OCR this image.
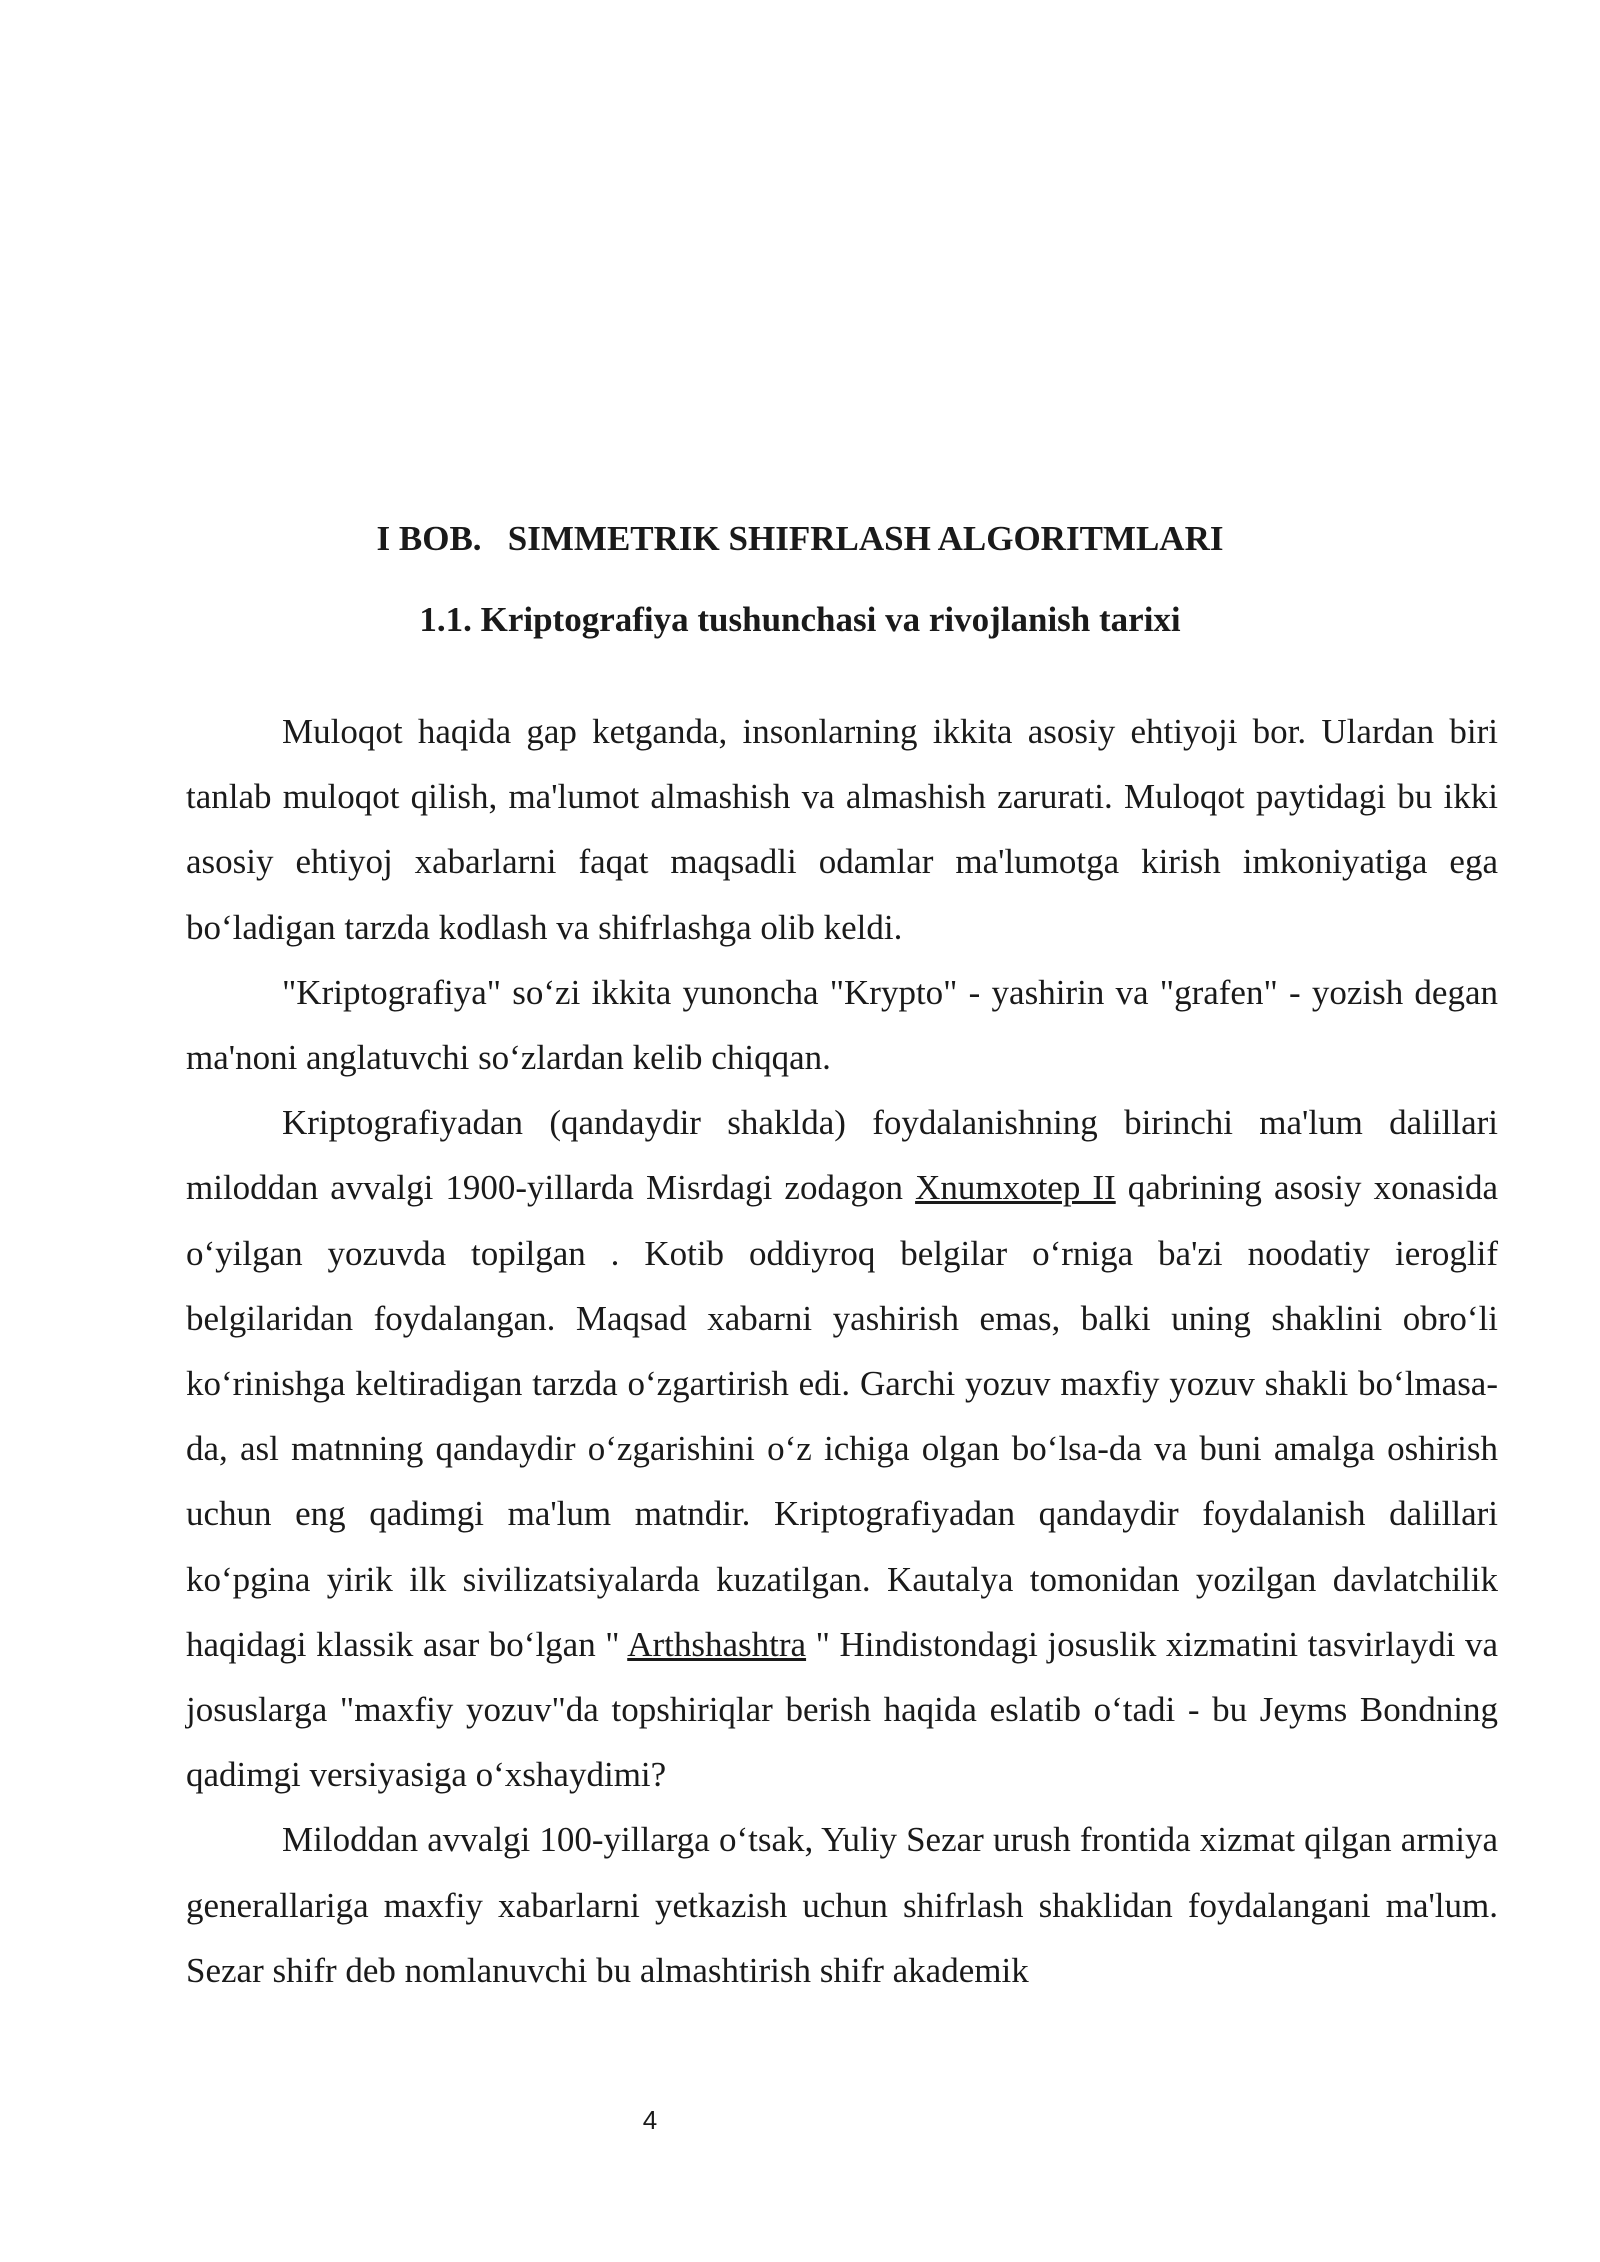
I BOB.   SIMMETRIK SHIFRLASH ALGORITMLARI
1.1. Kriptografiya tushunchasi va rivojlanish tarixi

Muloqot haqida gap ketganda, insonlarning ikkita asosiy ehtiyoji bor. Ulardan biri tanlab muloqot qilish, ma'lumot almashish va almashish zarurati. Muloqot paytidagi bu ikki asosiy ehtiyoj xabarlarni faqat maqsadli odamlar ma'lumotga kirish imkoniyatiga ega boʻladigan tarzda kodlash va shifrlashga olib keldi.

"Kriptografiya" soʻzi ikkita yunoncha "Krypto" - yashirin va "grafen" - yozish degan ma'noni anglatuvchi soʻzlardan kelib chiqqan.

Kriptografiyadan (qandaydir shaklda) foydalanishning birinchi ma'lum dalillari miloddan avvalgi 1900-yillarda Misrdagi zodagon Xnumxotep II qabrining asosiy xonasida oʻyilgan yozuvda topilgan . Kotib oddiyroq belgilar oʻrniga ba'zi noodatiy ieroglif belgilaridan foydalangan. Maqsad xabarni yashirish emas, balki uning shaklini obroʻli koʻrinishga keltiradigan tarzda oʻzgartirish edi. Garchi yozuv maxfiy yozuv shakli boʻlmasa-da, asl matnning qandaydir oʻzgarishini oʻz ichiga olgan boʻlsa-da va buni amalga oshirish uchun eng qadimgi ma'lum matndir. Kriptografiyadan qandaydir foydalanish dalillari koʻpgina yirik ilk sivilizatsiyalarda kuzatilgan. Kautalya tomonidan yozilgan davlatchilik haqidagi klassik asar boʻlgan " Arthshashtra " Hindistondagi josuslik xizmatini tasvirlaydi va josuslarga "maxfiy yozuv"da topshiriqlar berish haqida eslatib oʻtadi - bu Jeyms Bondning qadimgi versiyasiga oʻxshaydimi?

Miloddan avvalgi 100-yillarga oʻtsak, Yuliy Sezar urush frontida xizmat qilgan armiya generallariga maxfiy xabarlarni yetkazish uchun shifrlash shaklidan foydalangani ma'lum. Sezar shifr deb nomlanuvchi bu almashtirish shifr akademik

4
